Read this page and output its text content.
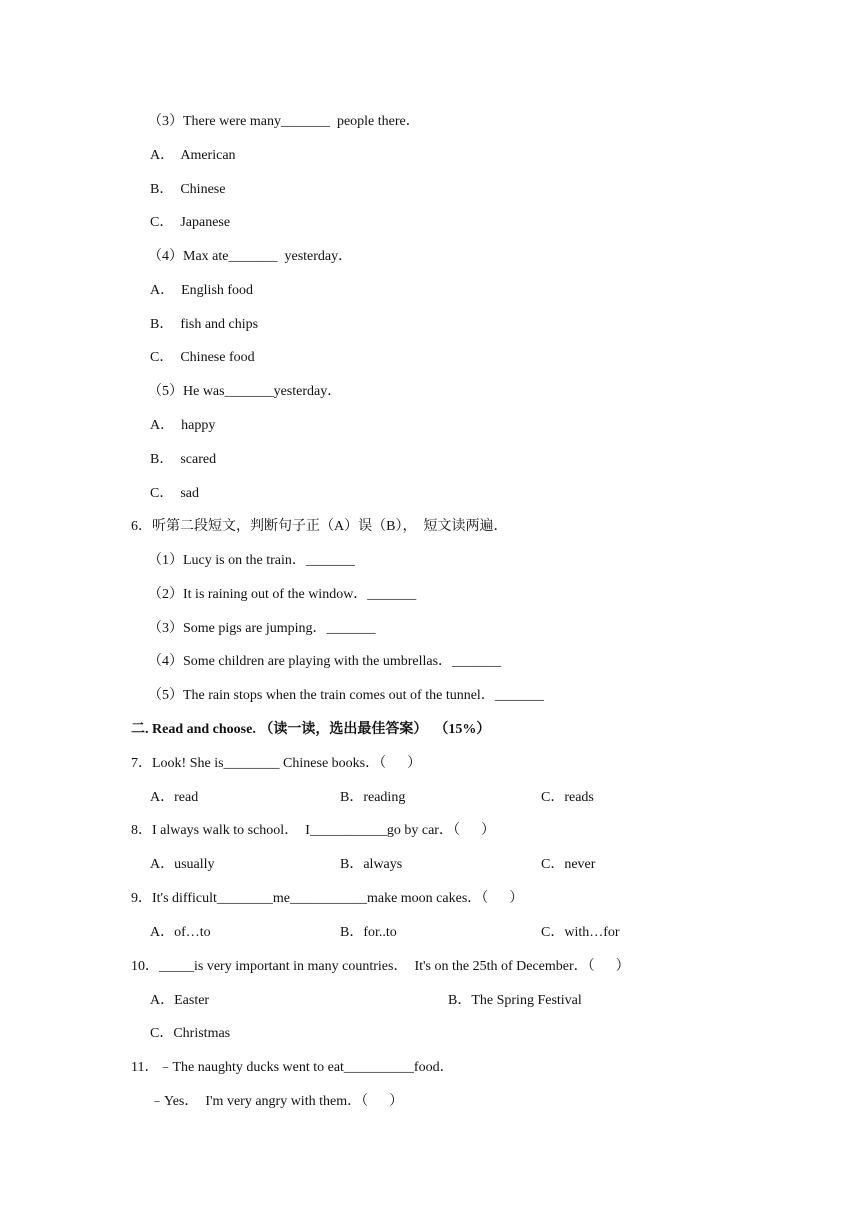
（3）There were many_______  people there．
A．  American
B．  Chinese
C．  Japanese
（4）Max ate_______  yesterday．
A．  English food
B．  fish and chips
C．  Chinese food
（5）He was_______yesterday．
A．  happy
B．  scared
C．  sad
6．听第二段短文，判断句子正（A）误（B），  短文读两遍．
（1）Lucy is on the train．_______
（2）It is raining out of the window．_______
（3）Some pigs are jumping．_______
（4）Some children are playing with the umbrellas．_______
（5）The rain stops when the train comes out of the tunnel．_______
二. Read and choose. （读一读，选出最佳答案）  （15%）
7．Look! She is________ Chinese books．（      ）
A．read	B．reading	C．reads
8．I always walk to school．  I___________go by car．（      ）
A．usually	B．always	C．never
9．It's difficult________me___________make moon cakes．（      ）
A．of…to	B．for..to	C．with…for
10．_____is very important in many countries．  It's on the 25th of December．（      ）
A．Easter	B．The Spring Festival
C．Christmas
11．﹣The naughty ducks went to eat__________food．
﹣Yes．  I'm very angry with them．（      ）
